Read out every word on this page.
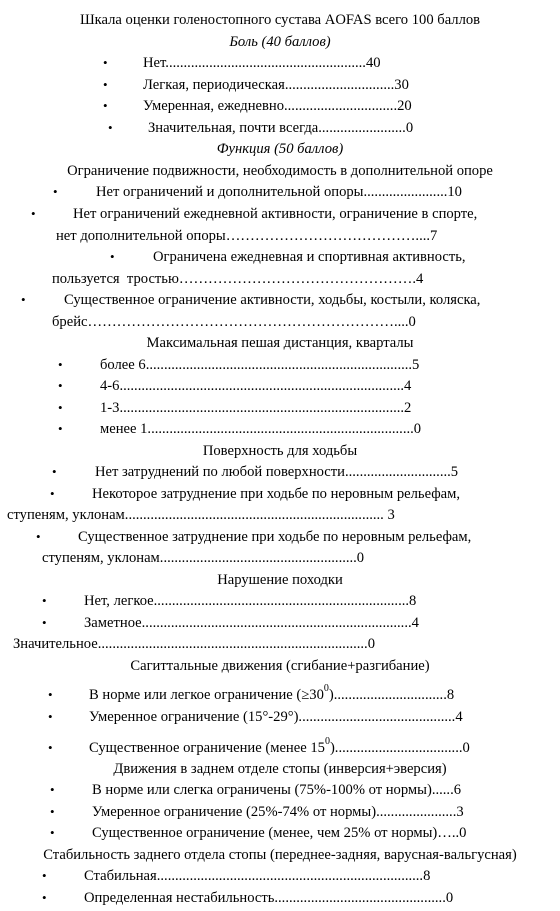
Шкала оценки голеностопного сустава AOFAS всего 100 баллов
Боль (40 баллов)
• Нет.......................................................40
• Легкая, периодическая..............................30
• Умеренная, ежедневно...............................20
• Значительная, почти всегда........................0
Функция (50 баллов)
Ограничение подвижности, необходимость в дополнительной опоре
•	Нет ограничений и дополнительной опоры.......................10
•	Нет ограничений ежедневной активности, ограничение в спорте,
нет дополнительной опоры…………………………………....7
•	Ограничена ежедневная и спортивная активность,
пользуется  тростью………………………………………….4
•	Существенное ограничение активности, ходьбы, костыли, коляска,
брейс………………………………………………………....0
Максимальная пешая дистанция, кварталы
•	более 6.........................................................................5
•	4-6..............................................................................4
•	1-3..............................................................................2
•	менее 1.........................................................................0
Поверхность для ходьбы
•	Нет затруднений по любой поверхности.............................5
•	Некоторое затруднение при ходьбе по неровным рельефам,
ступеням, уклонам....................................................................... 3
•	Существенное затруднение при ходьбе по неровным рельефам,
ступеням, уклонам......................................................0
Нарушение походки
•	Нет, легкое......................................................................8
•	Заметное..........................................................................4
Значительное..........................................................................0
Сагиттальные движения (сгибание+разгибание)
• В норме или легкое ограничение $(\ge 30^0)...............................8$
• Умеренное ограничение (15°-29°)...........................................4
• Существенное ограничение (менее $15^0)...................................0$
Движения в заднем отделе стопы (инверсия+эверсия)
•	В норме или слегка ограничены (75%-100% от нормы)......6
•	Умеренное ограничение (25%-74% от нормы)......................3
•	Существенное ограничение (менее, чем 25% от нормы)…..0
Стабильность заднего отдела стопы (переднее-задняя, варусная-вальгусная)
•	Стабильная.........................................................................8
•	Определенная нестабильность...............................................0
